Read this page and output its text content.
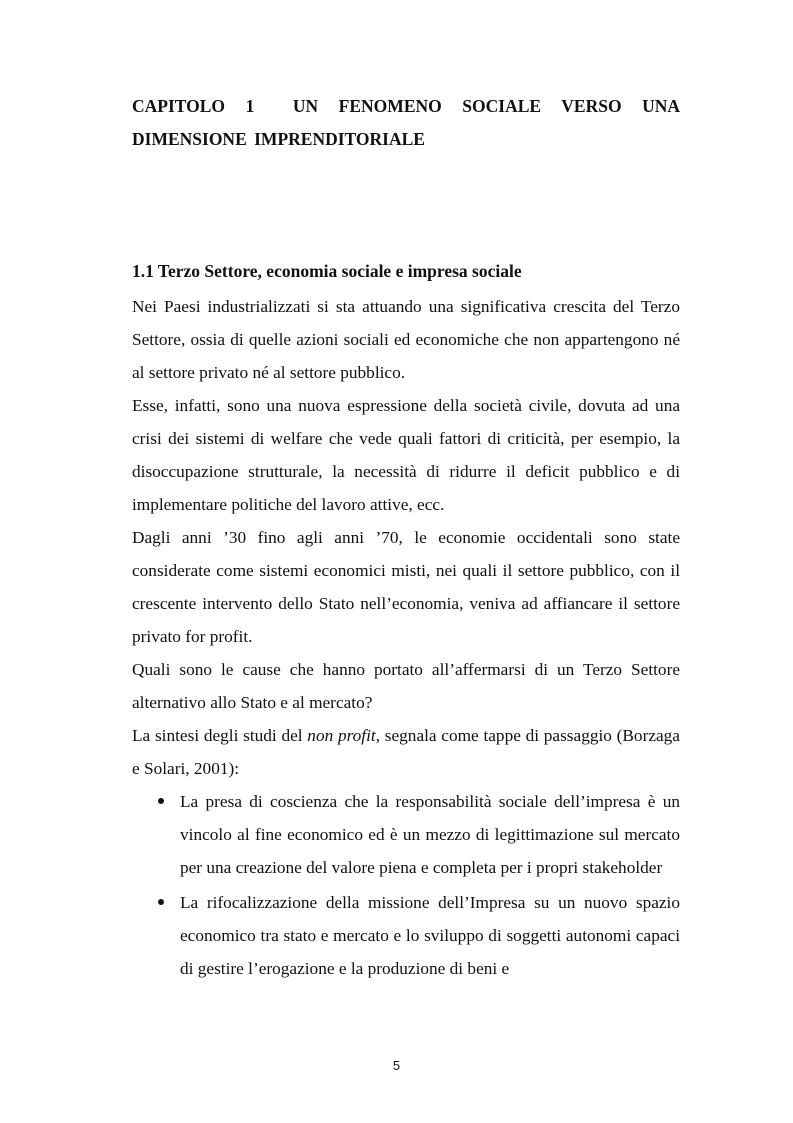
CAPITOLO 1 UN FENOMENO SOCIALE VERSO UNA DIMENSIONE IMPRENDITORIALE
1.1 Terzo Settore, economia sociale e impresa sociale

Nei Paesi industrializzati si sta attuando una significativa crescita del Terzo Settore, ossia di quelle azioni sociali ed economiche che non appartengono né al settore privato né al settore pubblico.

Esse, infatti, sono una nuova espressione della società civile, dovuta ad una crisi dei sistemi di welfare che vede quali fattori di criticità, per esempio, la disoccupazione strutturale, la necessità di ridurre il deficit pubblico e di implementare politiche del lavoro attive, ecc.

Dagli anni ’30 fino agli anni ’70, le economie occidentali sono state considerate come sistemi economici misti, nei quali il settore pubblico, con il crescente intervento dello Stato nell’economia, veniva ad affiancare il settore privato for profit.

Quali sono le cause che hanno portato all’affermarsi di un Terzo Settore alternativo allo Stato e al mercato?

La sintesi degli studi del non profit, segnala come tappe di passaggio (Borzaga e Solari, 2001):

La presa di coscienza che la responsabilità sociale dell’impresa è un vincolo al fine economico ed è un mezzo di legittimazione sul mercato per una creazione del valore piena e completa per i propri stakeholder
La rifocalizzazione della missione dell’Impresa su un nuovo spazio economico tra stato e mercato e lo sviluppo di soggetti autonomi capaci di gestire l’erogazione e la produzione di beni e
5
